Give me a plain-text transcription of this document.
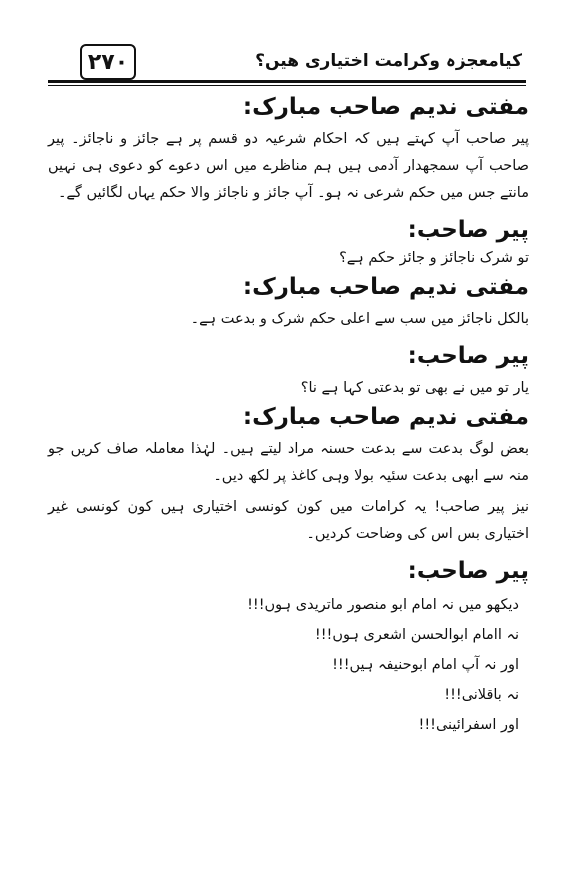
۲۷۰	کیامعجزہ وکرامت اختیاری ھیں؟

مفتی ندیم صاحب مبارک:

پیر صاحب آپ کہتے ہیں کہ احکام شرعیہ دو قسم پر ہے جائز و ناجائز۔ پیر صاحب آپ سمجھدار آدمی ہیں ہم مناظرے میں اس دعوے کو دعوی ہی نہیں مانتے جس میں حکم شرعی نہ ہو۔ آپ جائز و ناجائز والا حکم یہاں لگائیں گے۔

پیر صاحب:

تو شرک ناجائز و جائز حکم ہے؟

مفتی ندیم صاحب مبارک:

بالکل ناجائز میں سب سے اعلی حکم شرک و بدعت ہے۔

پیر صاحب:

یار تو میں نے بھی تو بدعتی کہا ہے نا؟

مفتی ندیم صاحب مبارک:

بعض لوگ بدعت سے بدعت حسنہ مراد لیتے ہیں۔ لہٰذا معاملہ صاف کریں جو منہ سے ابھی بدعت سئیہ بولا وہی کاغذ پر لکھ دیں۔

نیز پیر صاحب! یہ کرامات میں کون کونسی اختیاری ہیں کون کونسی غیر اختیاری بس اس کی وضاحت کردیں۔

پیر صاحب:

دیکھو میں نہ امام ابو منصور ماتریدی ہوں!!!

نہ اامام ابوالحسن اشعری ہوں!!!

اور نہ آپ امام ابوحنیفہ ہیں!!!

نہ باقلانی!!!

اور اسفرائینی!!!
